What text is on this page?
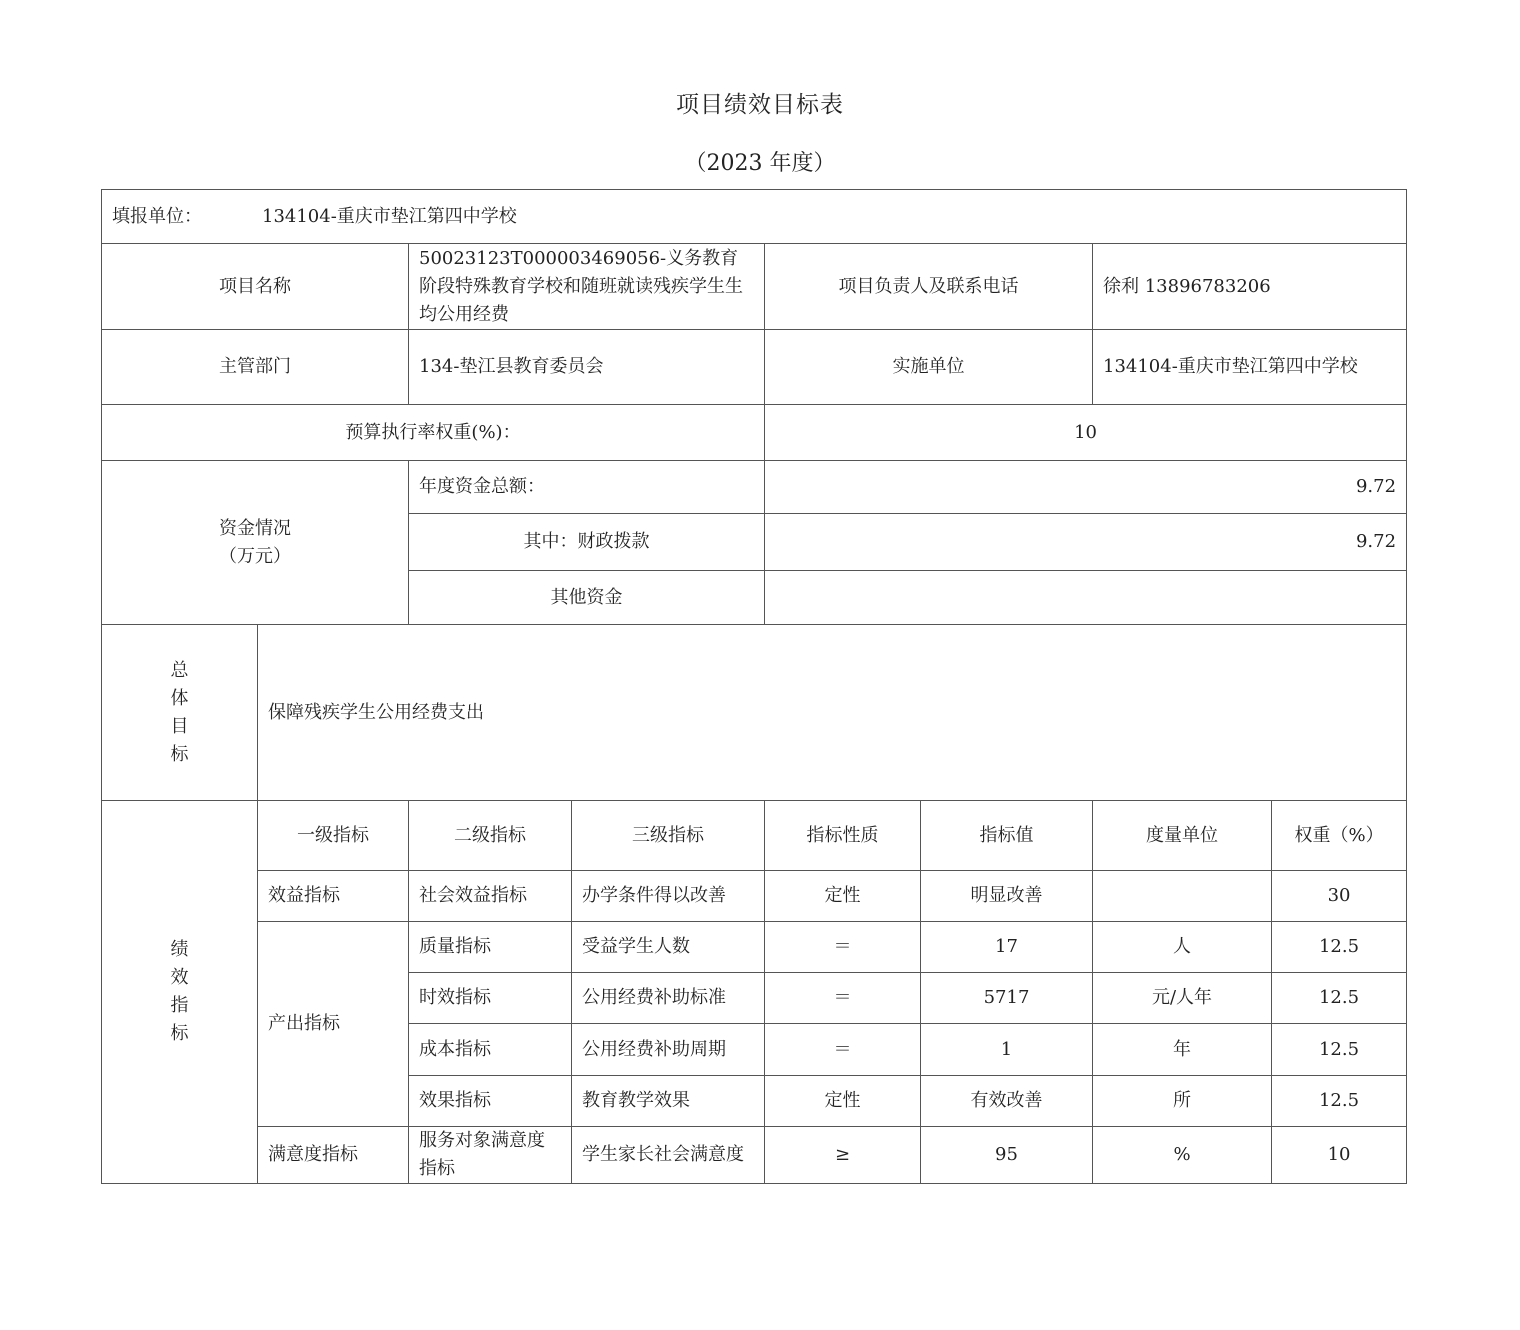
项目绩效目标表
（2023 年度）
填报单位： 134104-重庆市垫江第四中学校							
项目名称		50023123T000003469056-义务教育阶段特殊教育学校和随班就读残疾学生生均公用经费		项目负责人及联系电话		徐利 13896783206	
主管部门		134-垫江县教育委员会		实施单位		134104-重庆市垫江第四中学校	
预算执行率权重(%)：				10			

资金情况
（万元）		年度资金总额：		9.72			
		其中：财政拨款		9.72			
		其他资金					

总
体
目
标	保障残疾学生公用经费支出						

绩
效
指
标	一级指标	二级指标	三级指标	指标性质	指标值	度量单位	权重（%）
	效益指标	社会效益指标	办学条件得以改善	定性	明显改善		30
	产出指标	质量指标	受益学生人数	＝	17	人	12.5
		时效指标	公用经费补助标准	＝	5717	元/人年	12.5
		成本指标	公用经费补助周期	＝	1	年	12.5
		效果指标	教育教学效果	定性	有效改善	所	12.5
	满意度指标	服务对象满意度指标	学生家长社会满意度	≥	95	%	10
